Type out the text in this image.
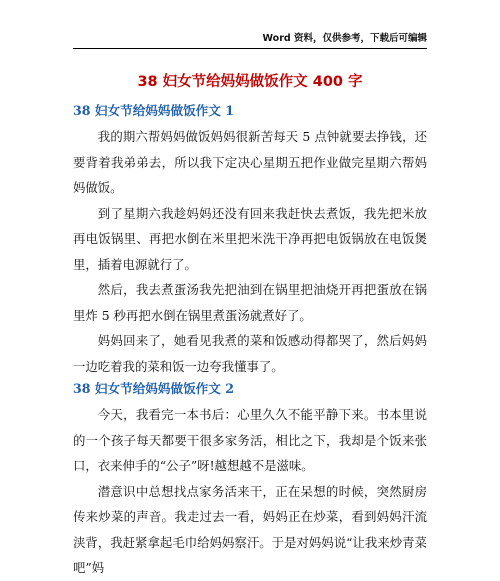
Word 资料，仅供参考，下载后可编辑
38 妇女节给妈妈做饭作文 400 字
38 妇女节给妈妈做饭作文 1

我的期六帮妈妈做饭妈妈很新苦每天 5 点钟就要去挣钱，还要背着我弟弟去，所以我下定决心星期五把作业做完星期六帮妈妈做饭。

到了星期六我趁妈妈还没有回来我赶快去煮饭，我先把米放再电饭锅里、再把水倒在米里把米洗干净再把电饭锅放在电饭煲里，插着电源就行了。

然后，我去煮蛋汤我先把油到在锅里把油烧开再把蛋放在锅里炸 5 秒再把水倒在锅里煮蛋汤就煮好了。

妈妈回来了，她看见我煮的菜和饭感动得都哭了，然后妈妈一边吃着我的菜和饭一边夸我懂事了。

38 妇女节给妈妈做饭作文 2

今天，我看完一本书后：心里久久不能平静下来。书本里说的一个孩子每天都要干很多家务活，相比之下，我却是个饭来张口，衣来伸手的“公子”呀!越想越不是滋味。

潜意识中总想找点家务活来干，正在呆想的时候，突然厨房传来炒菜的声音。我走过去一看，妈妈正在炒菜，看到妈妈汗流浃背，我赶紧拿起毛巾给妈妈察汗。于是对妈妈说“让我来炒青菜吧”妈
